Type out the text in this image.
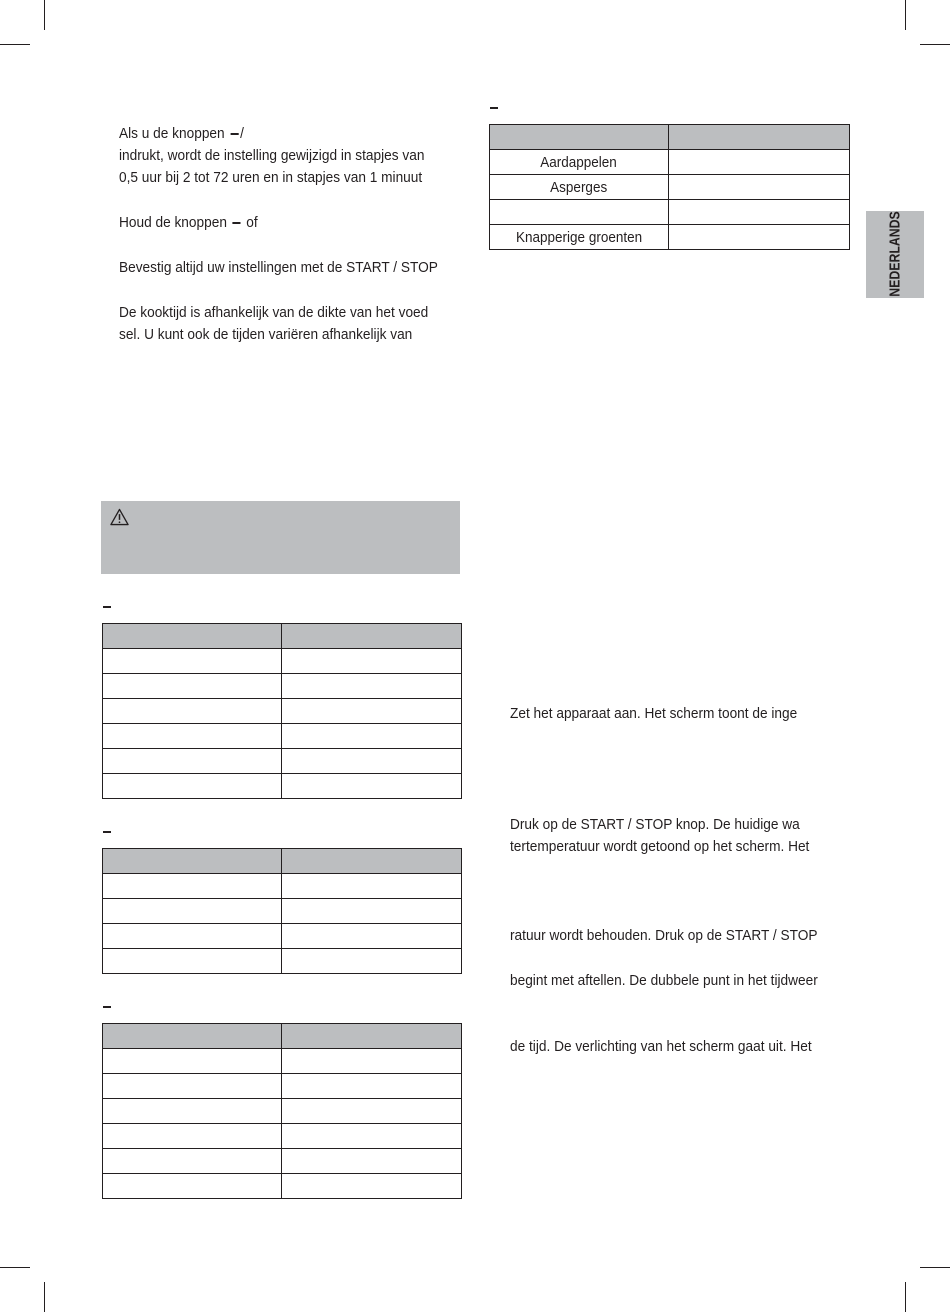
NEDERLANDS
Als u de knoppen /
indrukt, wordt de instelling gewijzigd in stapjes van
0,5 uur bij 2 tot 72 uren en in stapjes van 1 minuut
Houd de knoppen of
Bevestig altijd uw instellingen met de START / STOP
De kooktijd is afhankelijk van de dikte van het voed
sel. U kunt ook de tijden variëren afhankelijk van

Aardappelen	
Asperges	

Knapperige groenten	
Zet het apparaat aan. Het scherm toont de inge
Druk op de START / STOP knop. De huidige wa
tertemperatuur wordt getoond op het scherm. Het
ratuur wordt behouden. Druk op de START / STOP
begint met aftellen. De dubbele punt in het tijdweer
de tijd. De verlichting van het scherm gaat uit. Het
